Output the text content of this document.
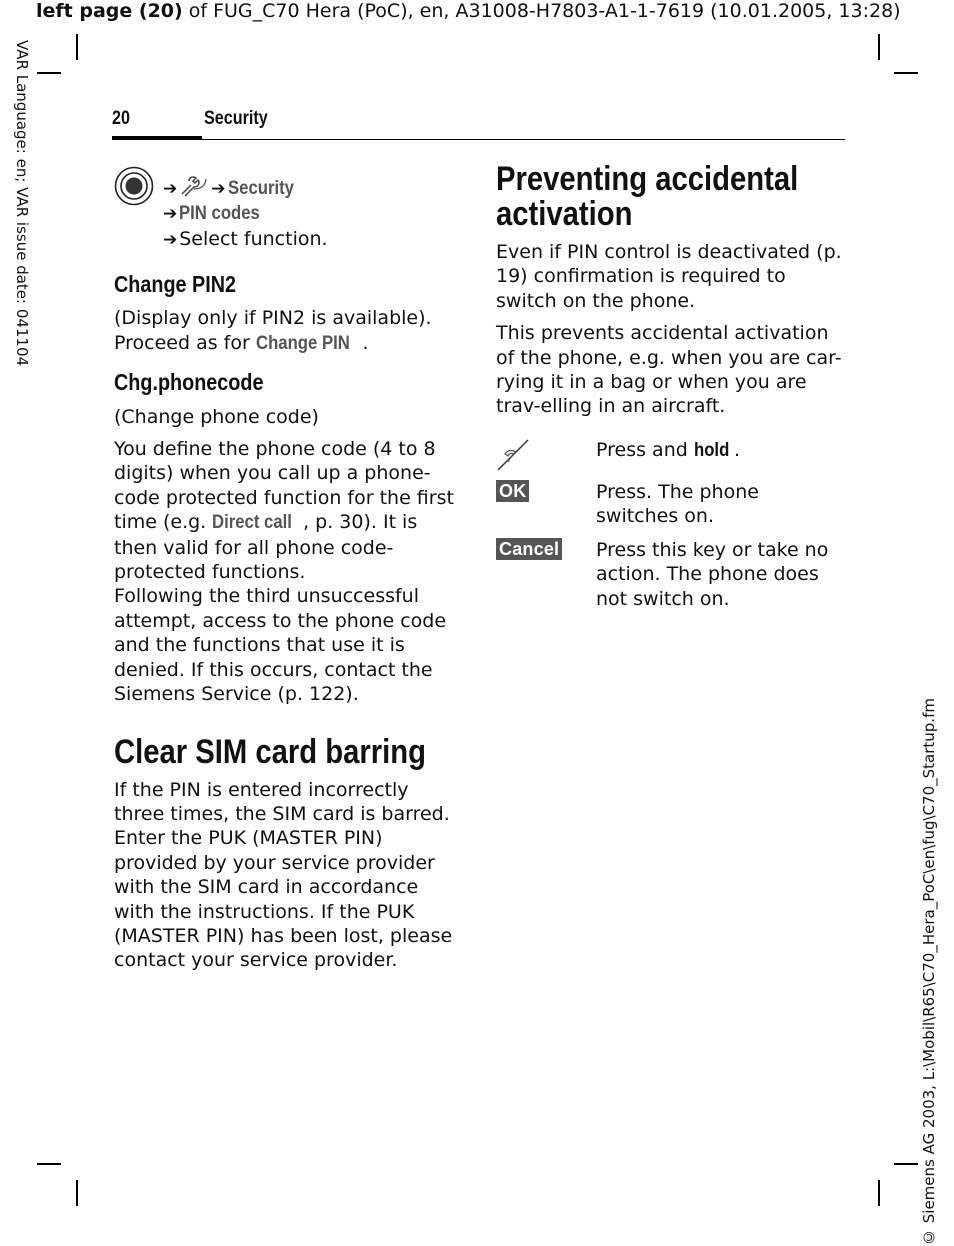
left page (20) of FUG_C70 Hera (PoC), en, A31008-H7803-A1-1-7619 (10.01.2005, 13:28)
VAR Language: en; VAR issue date: 041104
© Siemens AG 2003, L:\Mobil\R65\C70_Hera_PoC\en\fug\C70_Startup.fm
20	Security
➔ ➔ Security
➔ PIN codes
➔ Select function.
Change PIN2

(Display only if PIN2 is available).
Proceed as for Change PIN .

Chg.phonecode

(Change phone code)

You define the phone code (4 to 8 digits) when you call up a phone-code protected function for the first time (e.g. Direct call , p. 30). It is then valid for all phone code-protected functions.

Following the third unsuccessful attempt, access to the phone code and the functions that use it is denied. If this occurs, contact the Siemens Service (p. 122).

Clear SIM card barring

If the PIN is entered incorrectly three times, the SIM card is barred. Enter the PUK (MASTER PIN) provided by your service provider with the SIM card in accordance with the instructions. If the PUK (MASTER PIN) has been lost, please contact your service provider.

Preventing accidental
activation

Even if PIN control is deactivated (p. 19) confirmation is required to switch on the phone.

This prevents accidental activation of the phone, e.g. when you are car-rying it in a bag or when you are trav-elling in an aircraft.

Press and hold .
OK	Press. The phone switches on.
Cancel Press this key or take no action. The phone does not switch on.
